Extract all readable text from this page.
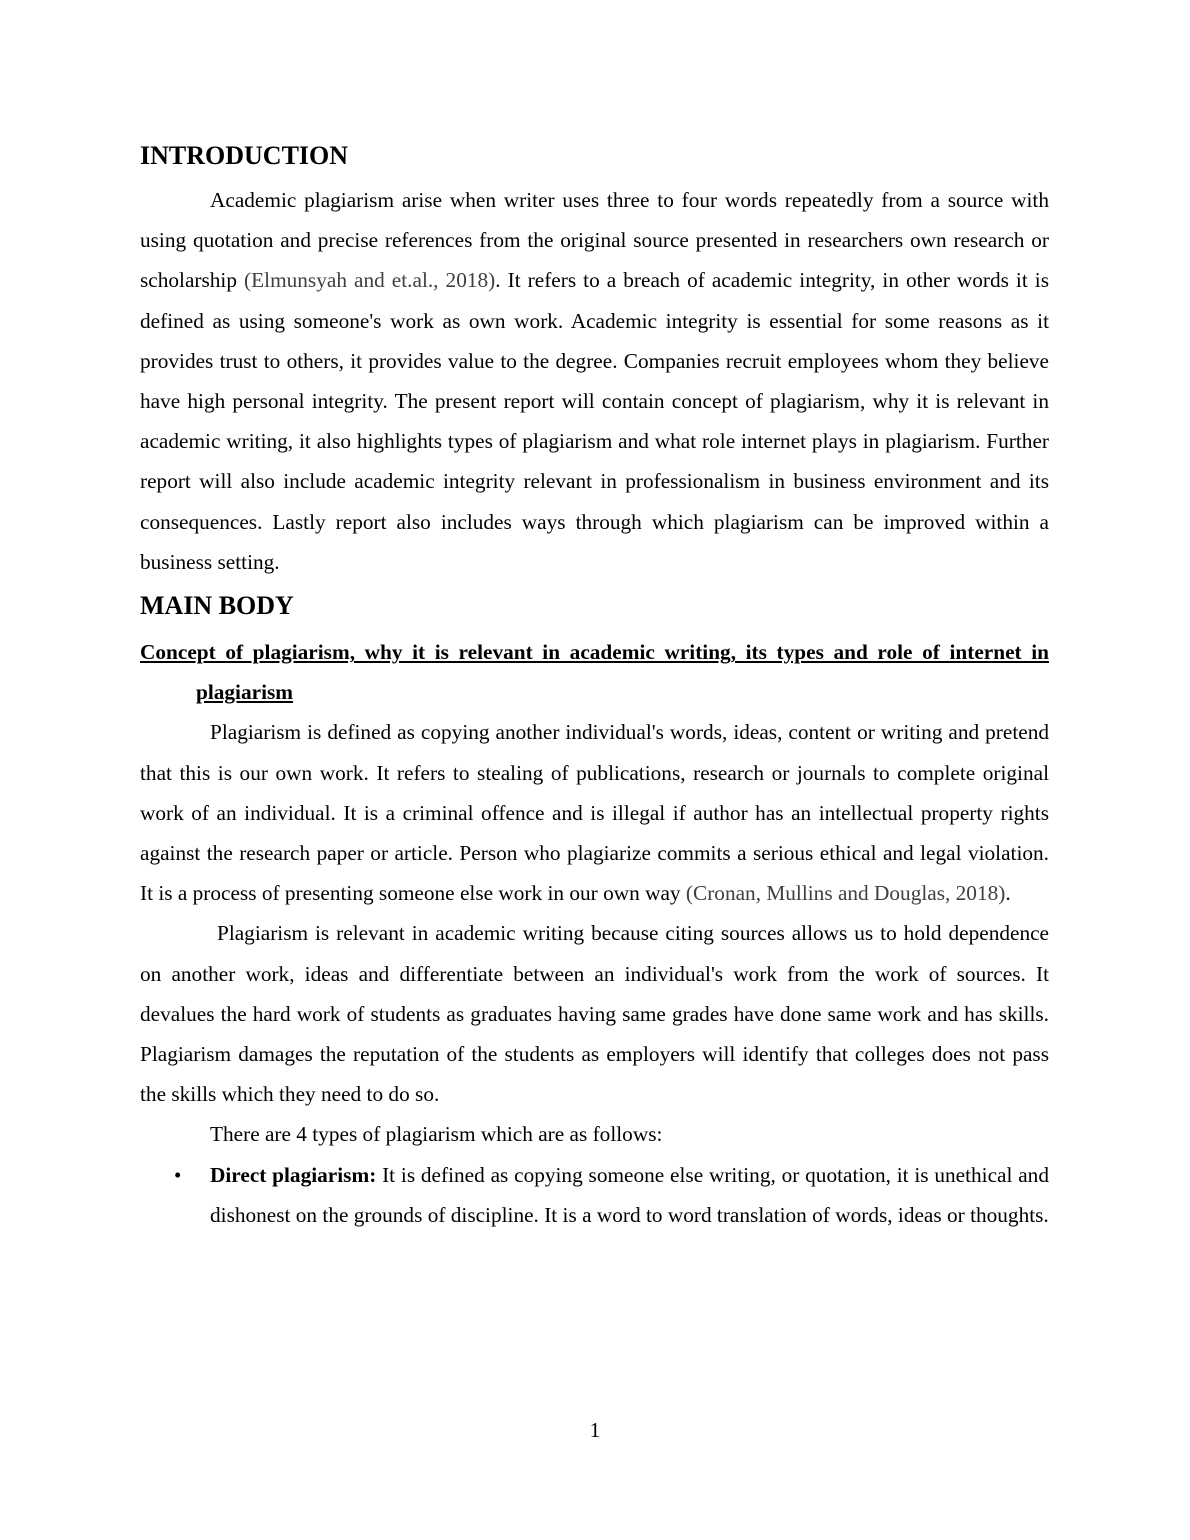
INTRODUCTION

Academic plagiarism arise when writer uses three to four words repeatedly from a source with using quotation and precise references from the original source presented in researchers own research or scholarship (Elmunsyah and et.al., 2018). It refers to a breach of academic integrity, in other words it is defined as using someone's work as own work. Academic integrity is essential for some reasons as it provides trust to others, it provides value to the degree. Companies recruit employees whom they believe have high personal integrity. The present report will contain concept of plagiarism, why it is relevant in academic writing, it also highlights types of plagiarism and what role internet plays in plagiarism. Further report will also include academic integrity relevant in professionalism in business environment and its consequences. Lastly report also includes ways through which plagiarism can be improved within a business setting.

MAIN BODY

Concept of plagiarism, why it is relevant in academic writing, its types and role of internet in plagiarism

Plagiarism is defined as copying another individual's words, ideas, content or writing and pretend that this is our own work. It refers to stealing of publications, research or journals to complete original work of an individual. It is a criminal offence and is illegal if author has an intellectual property rights against the research paper or article. Person who plagiarize commits a serious ethical and legal violation. It is a process of presenting someone else work in our own way (Cronan, Mullins and Douglas, 2018).

Plagiarism is relevant in academic writing because citing sources allows us to hold dependence on another work, ideas and differentiate between an individual's work from the work of sources. It devalues the hard work of students as graduates having same grades have done same work and has skills. Plagiarism damages the reputation of the students as employers will identify that colleges does not pass the skills which they need to do so.

There are 4 types of plagiarism which are as follows:

• Direct plagiarism: It is defined as copying someone else writing, or quotation, it is unethical and dishonest on the grounds of discipline. It is a word to word translation of words, ideas or thoughts.
1
